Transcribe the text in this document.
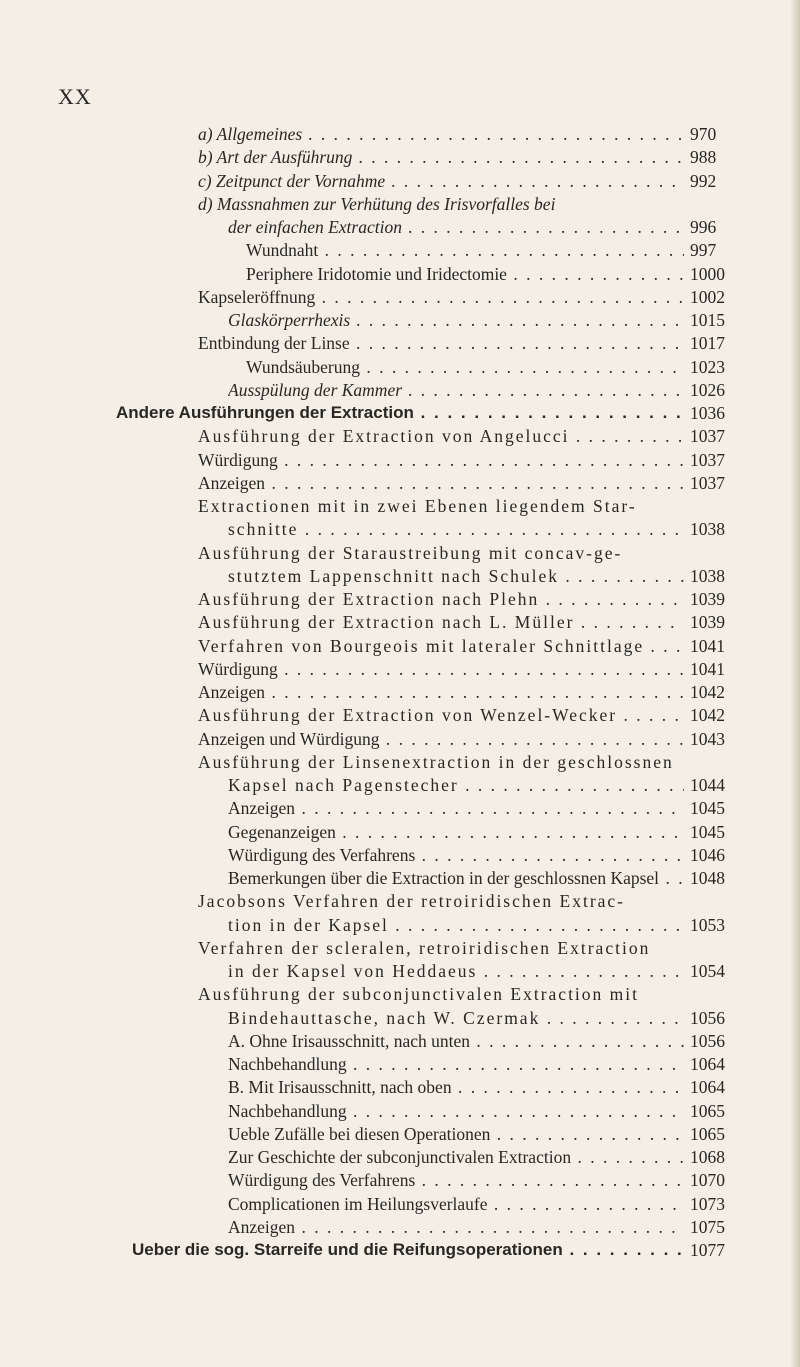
XX
a) Allgemeines . . .	970
b) Art der Ausführung . . .	988
c) Zeitpunct der Vornahme . . .	992
d) Massnahmen zur Verhütung des Irisvorfalles bei
der einfachen Extraction . . .	996
Wundnaht . . .	997
Periphere Iridotomie und Iridectomie . . .	1000
Kapseleröffnung . . .	1002
Glaskörperrhexis . . .	1015
Entbindung der Linse . . .	1017
Wundsäuberung . . .	1023
Ausspülung der Kammer . . .	1026
Andere Ausführungen der Extraction . . .	1036
Ausführung der Extraction von Angelucci . . .	1037
Würdigung . . .	1037
Anzeigen . . .	1037
Extractionen mit in zwei Ebenen liegendem Star-
schnitte . . .	1038
Ausführung der Staraustreibung mit concav-ge-
stutztem Lappenschnitt nach Schulek . . .	1038
Ausführung der Extraction nach Plehn . . .	1039
Ausführung der Extraction nach L. Müller . . .	1039
Verfahren von Bourgeois mit lateraler Schnittlage . . .	1041
Würdigung . . .	1041
Anzeigen . . .	1042
Ausführung der Extraction von Wenzel-Wecker . . .	1042
Anzeigen und Würdigung . . .	1043
Ausführung der Linsenextraction in der geschlossnen
Kapsel nach Pagenstecher . . .	1044
Anzeigen . . .	1045
Gegenanzeigen . . .	1045
Würdigung des Verfahrens . . .	1046
Bemerkungen über die Extraction in der geschlossnen Kapsel . . .	1048
Jacobsons Verfahren der retroiridischen Extrac-
tion in der Kapsel . . .	1053
Verfahren der scleralen, retroiridischen Extraction
in der Kapsel von Heddaeus . . .	1054
Ausführung der subconjunctivalen Extraction mit
Bindehauttasche, nach W. Czermak . . .	1056
A. Ohne Irisausschnitt, nach unten . . .	1056
Nachbehandlung . . .	1064
B. Mit Irisausschnitt, nach oben . . .	1064
Nachbehandlung . . .	1065
Ueble Zufälle bei diesen Operationen . . .	1065
Zur Geschichte der subconjunctivalen Extraction . . .	1068
Würdigung des Verfahrens . . .	1070
Complicationen im Heilungsverlaufe . . .	1073
Anzeigen . . .	1075
Ueber die sog. Starreife und die Reifungsoperationen . . .	1077
